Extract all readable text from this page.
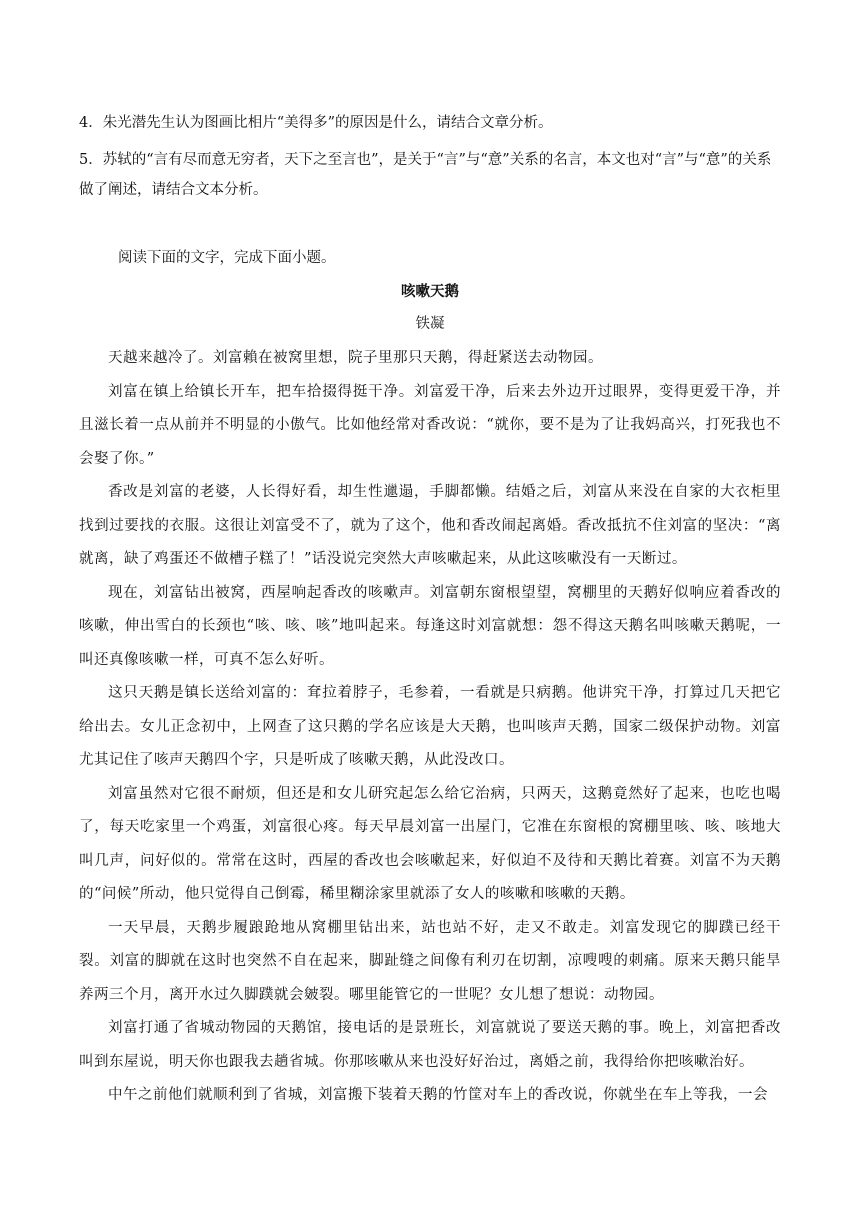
4．朱光潜先生认为图画比相片“美得多”的原因是什么，请结合文章分析。

5．苏轼的“言有尽而意无穷者，天下之至言也”，是关于“言”与“意”关系的名言，本文也对“言”与“意”的关系做了阐述，请结合文本分析。

阅读下面的文字，完成下面小题。

咳嗽天鹅

铁凝

天越来越冷了。刘富賴在被窝里想，院子里那只天鹅，得赶紧送去动物园。

刘富在镇上给镇长开车，把车拾掇得挺干净。刘富爱干净，后来去外边开过眼界，变得更爱干净，并且滋长着一点从前并不明显的小傲气。比如他经常对香改说：“就你，要不是为了让我妈高兴，打死我也不会娶了你。”

香改是刘富的老婆，人长得好看，却生性邋遢，手脚都懒。结婚之后，刘富从来没在自家的大衣柜里找到过要找的衣服。这很让刘富受不了，就为了这个，他和香改闹起离婚。香改抵抗不住刘富的坚决：“离就离，缺了鸡蛋还不做槽子糕了！”话没说完突然大声咳嗽起来，从此这咳嗽没有一天断过。

现在，刘富钻出被窝，西屋响起香改的咳嗽声。刘富朝东窗根望望，窝棚里的天鹅好似响应着香改的咳嗽，伸出雪白的长颈也“咳、咳、咳”地叫起来。每逢这时刘富就想：怨不得这天鹅名叫咳嗽天鹅呢，一叫还真像咳嗽一样，可真不怎么好听。

这只天鹅是镇长送给刘富的：耷拉着脖子，毛参着，一看就是只病鹅。他讲究干净，打算过几天把它给出去。女儿正念初中，上网查了这只鹅的学名应该是大天鹅，也叫咳声天鹅，国家二级保护动物。刘富尤其记住了咳声天鹅四个字，只是听成了咳嗽天鹅，从此没改口。

刘富虽然对它很不耐烦，但还是和女儿研究起怎么给它治病，只两天，这鹅竟然好了起来，也吃也喝了，每天吃家里一个鸡蛋，刘富很心疼。每天早晨刘富一出屋门，它准在东窗根的窝棚里咳、咳、咳地大叫几声，问好似的。常常在这时，西屋的香改也会咳嗽起来，好似迫不及待和天鹅比着赛。刘富不为天鹅的“问候”所动，他只觉得自己倒霉，稀里糊涂家里就添了女人的咳嗽和咳嗽的天鹅。

一天早晨，天鹅步履踉跄地从窝棚里钻出来，站也站不好，走又不敢走。刘富发现它的脚蹼已经干裂。刘富的脚就在这时也突然不自在起来，脚趾缝之间像有利刃在切割，凉嗖嗖的刺痛。原来天鹅只能旱养两三个月，离开水过久脚蹼就会皴裂。哪里能管它的一世呢？女儿想了想说：动物园。

刘富打通了省城动物园的天鹅馆，接电话的是景班长，刘富就说了要送天鹅的事。晚上，刘富把香改叫到东屋说，明天你也跟我去趟省城。你那咳嗽从来也没好好治过，离婚之前，我得给你把咳嗽治好。

中午之前他们就顺利到了省城，刘富搬下装着天鹅的竹筐对车上的香改说，你就坐在车上等我，一会
